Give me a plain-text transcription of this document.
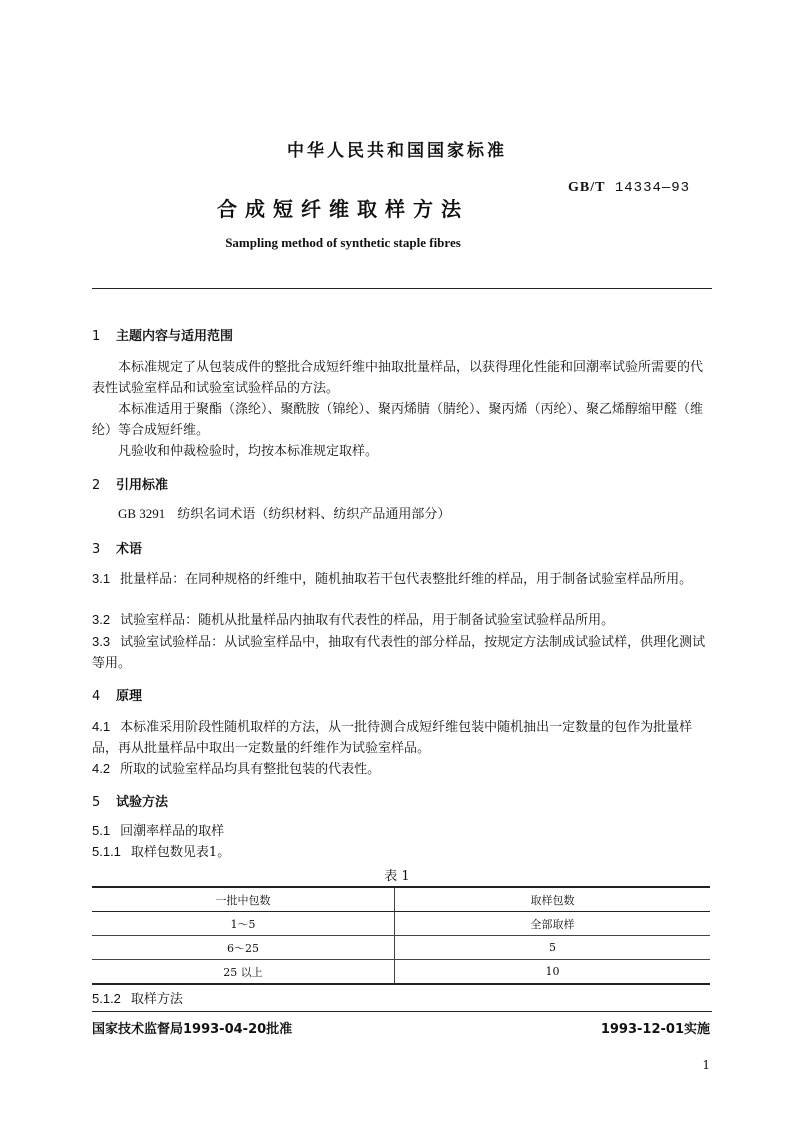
中华人民共和国国家标准
GB/T 14334—93
合成短纤维取样方法
Sampling method of synthetic staple fibres
1 主题内容与适用范围
本标准规定了从包装成件的整批合成短纤维中抽取批量样品，以获得理化性能和回潮率试验所需要的代表性试验室样品和试验室试验样品的方法。
本标准适用于聚酯（涤纶）、聚酰胺（锦纶）、聚丙烯腈（腈纶）、聚丙烯（丙纶）、聚乙烯醇缩甲醛（维纶）等合成短纤维。
凡验收和仲裁检验时，均按本标准规定取样。
2 引用标准
GB 3291 纺织名词术语（纺织材料、纺织产品通用部分）
3 术语
3.1 批量样品：在同种规格的纤维中，随机抽取若干包代表整批纤维的样品，用于制备试验室样品所用。
3.2 试验室样品：随机从批量样品内抽取有代表性的样品，用于制备试验室试验样品所用。
3.3 试验室试验样品：从试验室样品中，抽取有代表性的部分样品，按规定方法制成试验试样，供理化测试等用。
4 原理
4.1 本标准采用阶段性随机取样的方法，从一批待测合成短纤维包装中随机抽出一定数量的包作为批量样品，再从批量样品中取出一定数量的纤维作为试验室样品。
4.2 所取的试验室样品均具有整批包装的代表性。
5 试验方法
5.1 回潮率样品的取样
5.1.1 取样包数见表1。
表 1
一批中包数	取样包数
1～5	全部取样
6～25	5
25 以上	10
5.1.2 取样方法
国家技术监督局1993-04-20批准	1993-12-01实施
1
